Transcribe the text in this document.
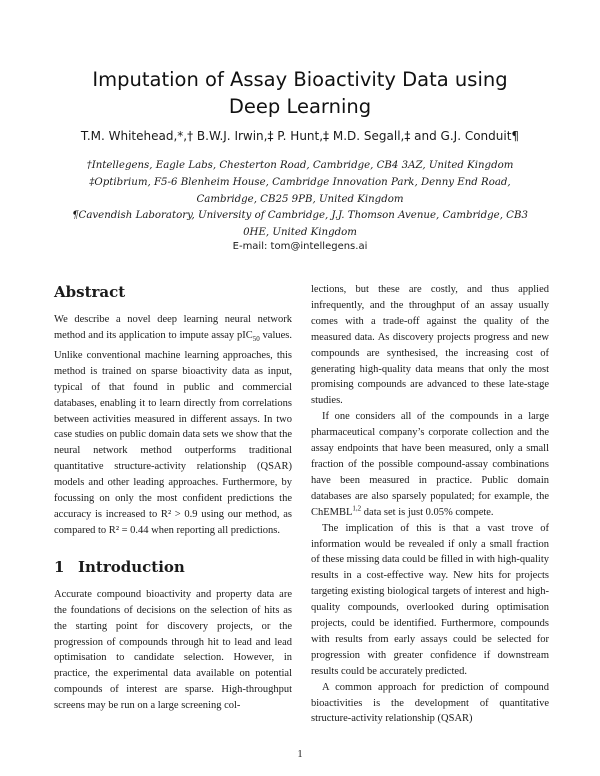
Imputation of Assay Bioactivity Data using
Deep Learning
T.M. Whitehead,*,† B.W.J. Irwin,‡ P. Hunt,‡ M.D. Segall,‡ and G.J. Conduit¶
†Intellegens, Eagle Labs, Chesterton Road, Cambridge, CB4 3AZ, United Kingdom
‡Optibrium, F5-6 Blenheim House, Cambridge Innovation Park, Denny End Road,
Cambridge, CB25 9PB, United Kingdom
¶Cavendish Laboratory, University of Cambridge, J.J. Thomson Avenue, Cambridge, CB3
0HE, United Kingdom
E-mail: tom@intellegens.ai
Abstract

We describe a novel deep learning neural network method and its application to impute assay pIC$_{50}$ values. Unlike conventional machine learning approaches, this method is trained on sparse bioactivity data as input, typical of that found in public and commercial databases, enabling it to learn directly from correlations between activities measured in different assays. In two case studies on public domain data sets we show that the neural network method outperforms traditional quantitative structure-activity relationship (QSAR) models and other leading approaches. Furthermore, by focussing on only the most confident predictions the accuracy is increased to R² > 0.9 using our method, as compared to R² = 0.44 when reporting all predictions.

1 Introduction

Accurate compound bioactivity and property data are the foundations of decisions on the selection of hits as the starting point for discovery projects, or the progression of compounds through hit to lead and lead optimisation to candidate selection. However, in practice, the experimental data available on potential compounds of interest are sparse. High-throughput screens may be run on a large screening col-

lections, but these are costly, and thus applied infrequently, and the throughput of an assay usually comes with a trade-off against the quality of the measured data. As discovery projects progress and new compounds are synthesised, the increasing cost of generating high-quality data means that only the most promising compounds are advanced to these late-stage studies.

If one considers all of the compounds in a large pharmaceutical company’s corporate collection and the assay endpoints that have been measured, only a small fraction of the possible compound-assay combinations have been measured in practice. Public domain databases are also sparsely populated; for example, the ChEMBL$^{1,2}$ data set is just 0.05% compete.

The implication of this is that a vast trove of information would be revealed if only a small fraction of these missing data could be filled in with high-quality results in a cost-effective way. New hits for projects targeting existing biological targets of interest and high-quality compounds, overlooked during optimisation projects, could be identified. Furthermore, compounds with results from early assays could be selected for progression with greater confidence if downstream results could be accurately predicted.

A common approach for prediction of compound bioactivities is the development of quantitative structure-activity relationship (QSAR)

1
